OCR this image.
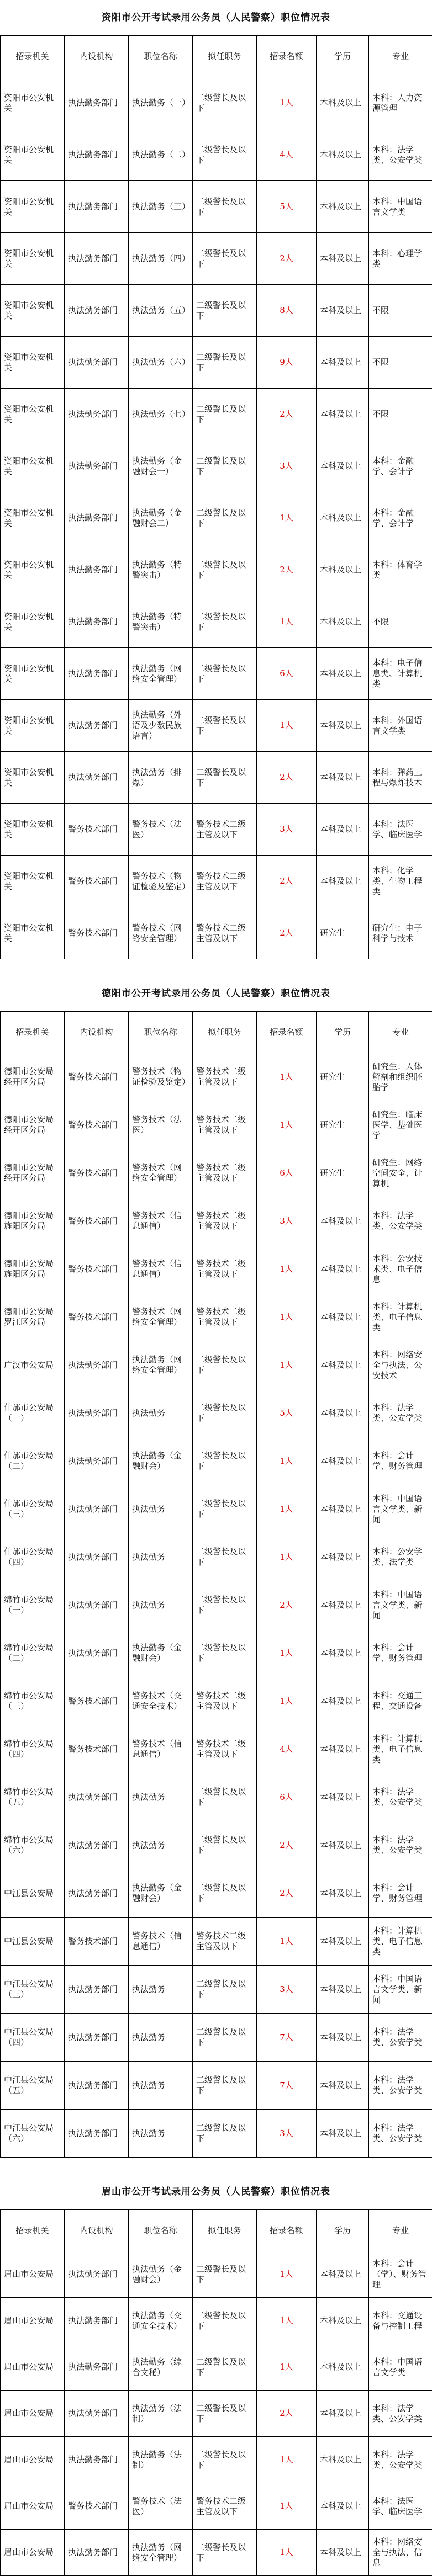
资阳市公开考试录用公务员（人民警察）职位情况表
招录机关	内设机构	职位名称	拟任职务	招录名额	学历	专业
资阳市公安机关	执法勤务部门	执法勤务（一）	二级警长及以下	1人	本科及以上	本科：人力资源管理
资阳市公安机关	执法勤务部门	执法勤务（二）	二级警长及以下	4人	本科及以上	本科：法学类、公安学类
资阳市公安机关	执法勤务部门	执法勤务（三）	二级警长及以下	5人	本科及以上	本科：中国语言文学类
资阳市公安机关	执法勤务部门	执法勤务（四）	二级警长及以下	2人	本科及以上	本科：心理学类
资阳市公安机关	执法勤务部门	执法勤务（五）	二级警长及以下	8人	本科及以上	不限
资阳市公安机关	执法勤务部门	执法勤务（六）	二级警长及以下	9人	本科及以上	不限
资阳市公安机关	执法勤务部门	执法勤务（七）	二级警长及以下	2人	本科及以上	不限
资阳市公安机关	执法勤务部门	执法勤务（金融财会一）	二级警长及以下	3人	本科及以上	本科：金融学、会计学
资阳市公安机关	执法勤务部门	执法勤务（金融财会二）	二级警长及以下	1人	本科及以上	本科：金融学、会计学
资阳市公安机关	执法勤务部门	执法勤务（特警突击）	二级警长及以下	2人	本科及以上	本科：体育学类
资阳市公安机关	执法勤务部门	执法勤务（特警突击）	二级警长及以下	1人	本科及以上	不限
资阳市公安机关	执法勤务部门	执法勤务（网络安全管理）	二级警长及以下	6人	本科及以上	本科：电子信息类、计算机类
资阳市公安机关	执法勤务部门	执法勤务（外语及少数民族语言）	二级警长及以下	1人	本科及以上	本科：外国语言文学类
资阳市公安机关	执法勤务部门	执法勤务（排爆）	二级警长及以下	2人	本科及以上	本科：弹药工程与爆炸技术
资阳市公安机关	警务技术部门	警务技术（法医）	警务技术二级主管及以下	3人	本科及以上	本科：法医学、临床医学
资阳市公安机关	警务技术部门	警务技术（物证检验及鉴定）	警务技术二级主管及以下	2人	本科及以上	本科：化学类、生物工程类
资阳市公安机关	警务技术部门	警务技术（网络安全管理）	警务技术二级主管及以下	2人	研究生	研究生：电子科学与技术
德阳市公开考试录用公务员（人民警察）职位情况表
招录机关	内设机构	职位名称	拟任职务	招录名额	学历	专业
德阳市公安局经开区分局	警务技术部门	警务技术（物证检验及鉴定）	警务技术二级主管及以下	1人	研究生	研究生：人体解剖和组织胚胎学
德阳市公安局经开区分局	警务技术部门	警务技术（法医）	警务技术二级主管及以下	1人	研究生	研究生：临床医学、基础医学
德阳市公安局经开区分局	警务技术部门	警务技术（网络安全管理）	警务技术二级主管及以下	6人	研究生	研究生：网络空间安全、计算机
德阳市公安局旌阳区分局	警务技术部门	警务技术（信息通信）	警务技术二级主管及以下	3人	本科及以上	本科：法学类、公安学类
德阳市公安局旌阳区分局	警务技术部门	警务技术（信息通信）	警务技术二级主管及以下	1人	本科及以上	本科：公安技术类、电子信息
德阳市公安局罗江区分局	警务技术部门	警务技术（网络安全管理）	警务技术二级主管及以下	1人	本科及以上	本科：计算机类、电子信息类
广汉市公安局	执法勤务部门	执法勤务（网络安全管理）	二级警长及以下	1人	本科及以上	本科：网络安全与执法、公安技术
什邡市公安局（一）	执法勤务部门	执法勤务	二级警长及以下	5人	本科及以上	本科：法学类、公安学类
什邡市公安局（二）	执法勤务部门	执法勤务（金融财会）	二级警长及以下	1人	本科及以上	本科：会计学、财务管理
什邡市公安局（三）	执法勤务部门	执法勤务	二级警长及以下	1人	本科及以上	本科：中国语言文学类、新闻
什邡市公安局（四）	执法勤务部门	执法勤务	二级警长及以下	1人	本科及以上	本科：公安学类、法学类
绵竹市公安局（一）	执法勤务部门	执法勤务	二级警长及以下	2人	本科及以上	本科：中国语言文学类、新闻
绵竹市公安局（二）	执法勤务部门	执法勤务（金融财会）	二级警长及以下	1人	本科及以上	本科：会计学、财务管理
绵竹市公安局（三）	警务技术部门	警务技术（交通安全技术）	警务技术二级主管及以下	1人	本科及以上	本科：交通工程、交通设备
绵竹市公安局（四）	警务技术部门	警务技术（信息通信）	警务技术二级主管及以下	4人	本科及以上	本科：计算机类、电子信息类
绵竹市公安局（五）	执法勤务部门	执法勤务	二级警长及以下	6人	本科及以上	本科：法学类、公安学类
绵竹市公安局（六）	执法勤务部门	执法勤务	二级警长及以下	2人	本科及以上	本科：法学类、公安学类
中江县公安局	执法勤务部门	执法勤务（金融财会）	二级警长及以下	2人	本科及以上	本科：会计学、财务管理
中江县公安局	警务技术部门	警务技术（信息通信）	警务技术二级主管及以下	1人	本科及以上	本科：计算机类、电子信息类
中江县公安局（三）	执法勤务部门	执法勤务	二级警长及以下	3人	本科及以上	本科：中国语言文学类、新闻
中江县公安局（四）	执法勤务部门	执法勤务	二级警长及以下	7人	本科及以上	本科：法学类、公安学类
中江县公安局（五）	执法勤务部门	执法勤务	二级警长及以下	7人	本科及以上	本科：法学类、公安学类
中江县公安局（六）	执法勤务部门	执法勤务	二级警长及以下	3人	本科及以上	本科：法学类、公安学类
眉山市公开考试录用公务员（人民警察）职位情况表
招录机关	内设机构	职位名称	拟任职务	招录名额	学历	专业
眉山市公安局	执法勤务部门	执法勤务（金融财会）	二级警长及以下	1人	本科及以上	本科：会计（学）、财务管理
眉山市公安局	执法勤务部门	执法勤务（交通安全技术）	二级警长及以下	1人	本科及以上	本科：交通设备与控制工程
眉山市公安局	执法勤务部门	执法勤务（综合文秘）	二级警长及以下	1人	本科及以上	本科：中国语言文学类
眉山市公安局	执法勤务部门	执法勤务（法制）	二级警长及以下	2人	本科及以上	本科：法学类、公安学类
眉山市公安局	执法勤务部门	执法勤务（法制）	二级警长及以下	1人	本科及以上	本科：法学类、公安学类
眉山市公安局	警务技术部门	警务技术（法医）	警务技术二级主管及以下	1人	本科及以上	本科：法医学、临床医学
眉山市公安局	执法勤务部门	执法勤务（网络安全管理）	二级警长及以下	1人	本科及以上	本科：网络安全与执法、信息
